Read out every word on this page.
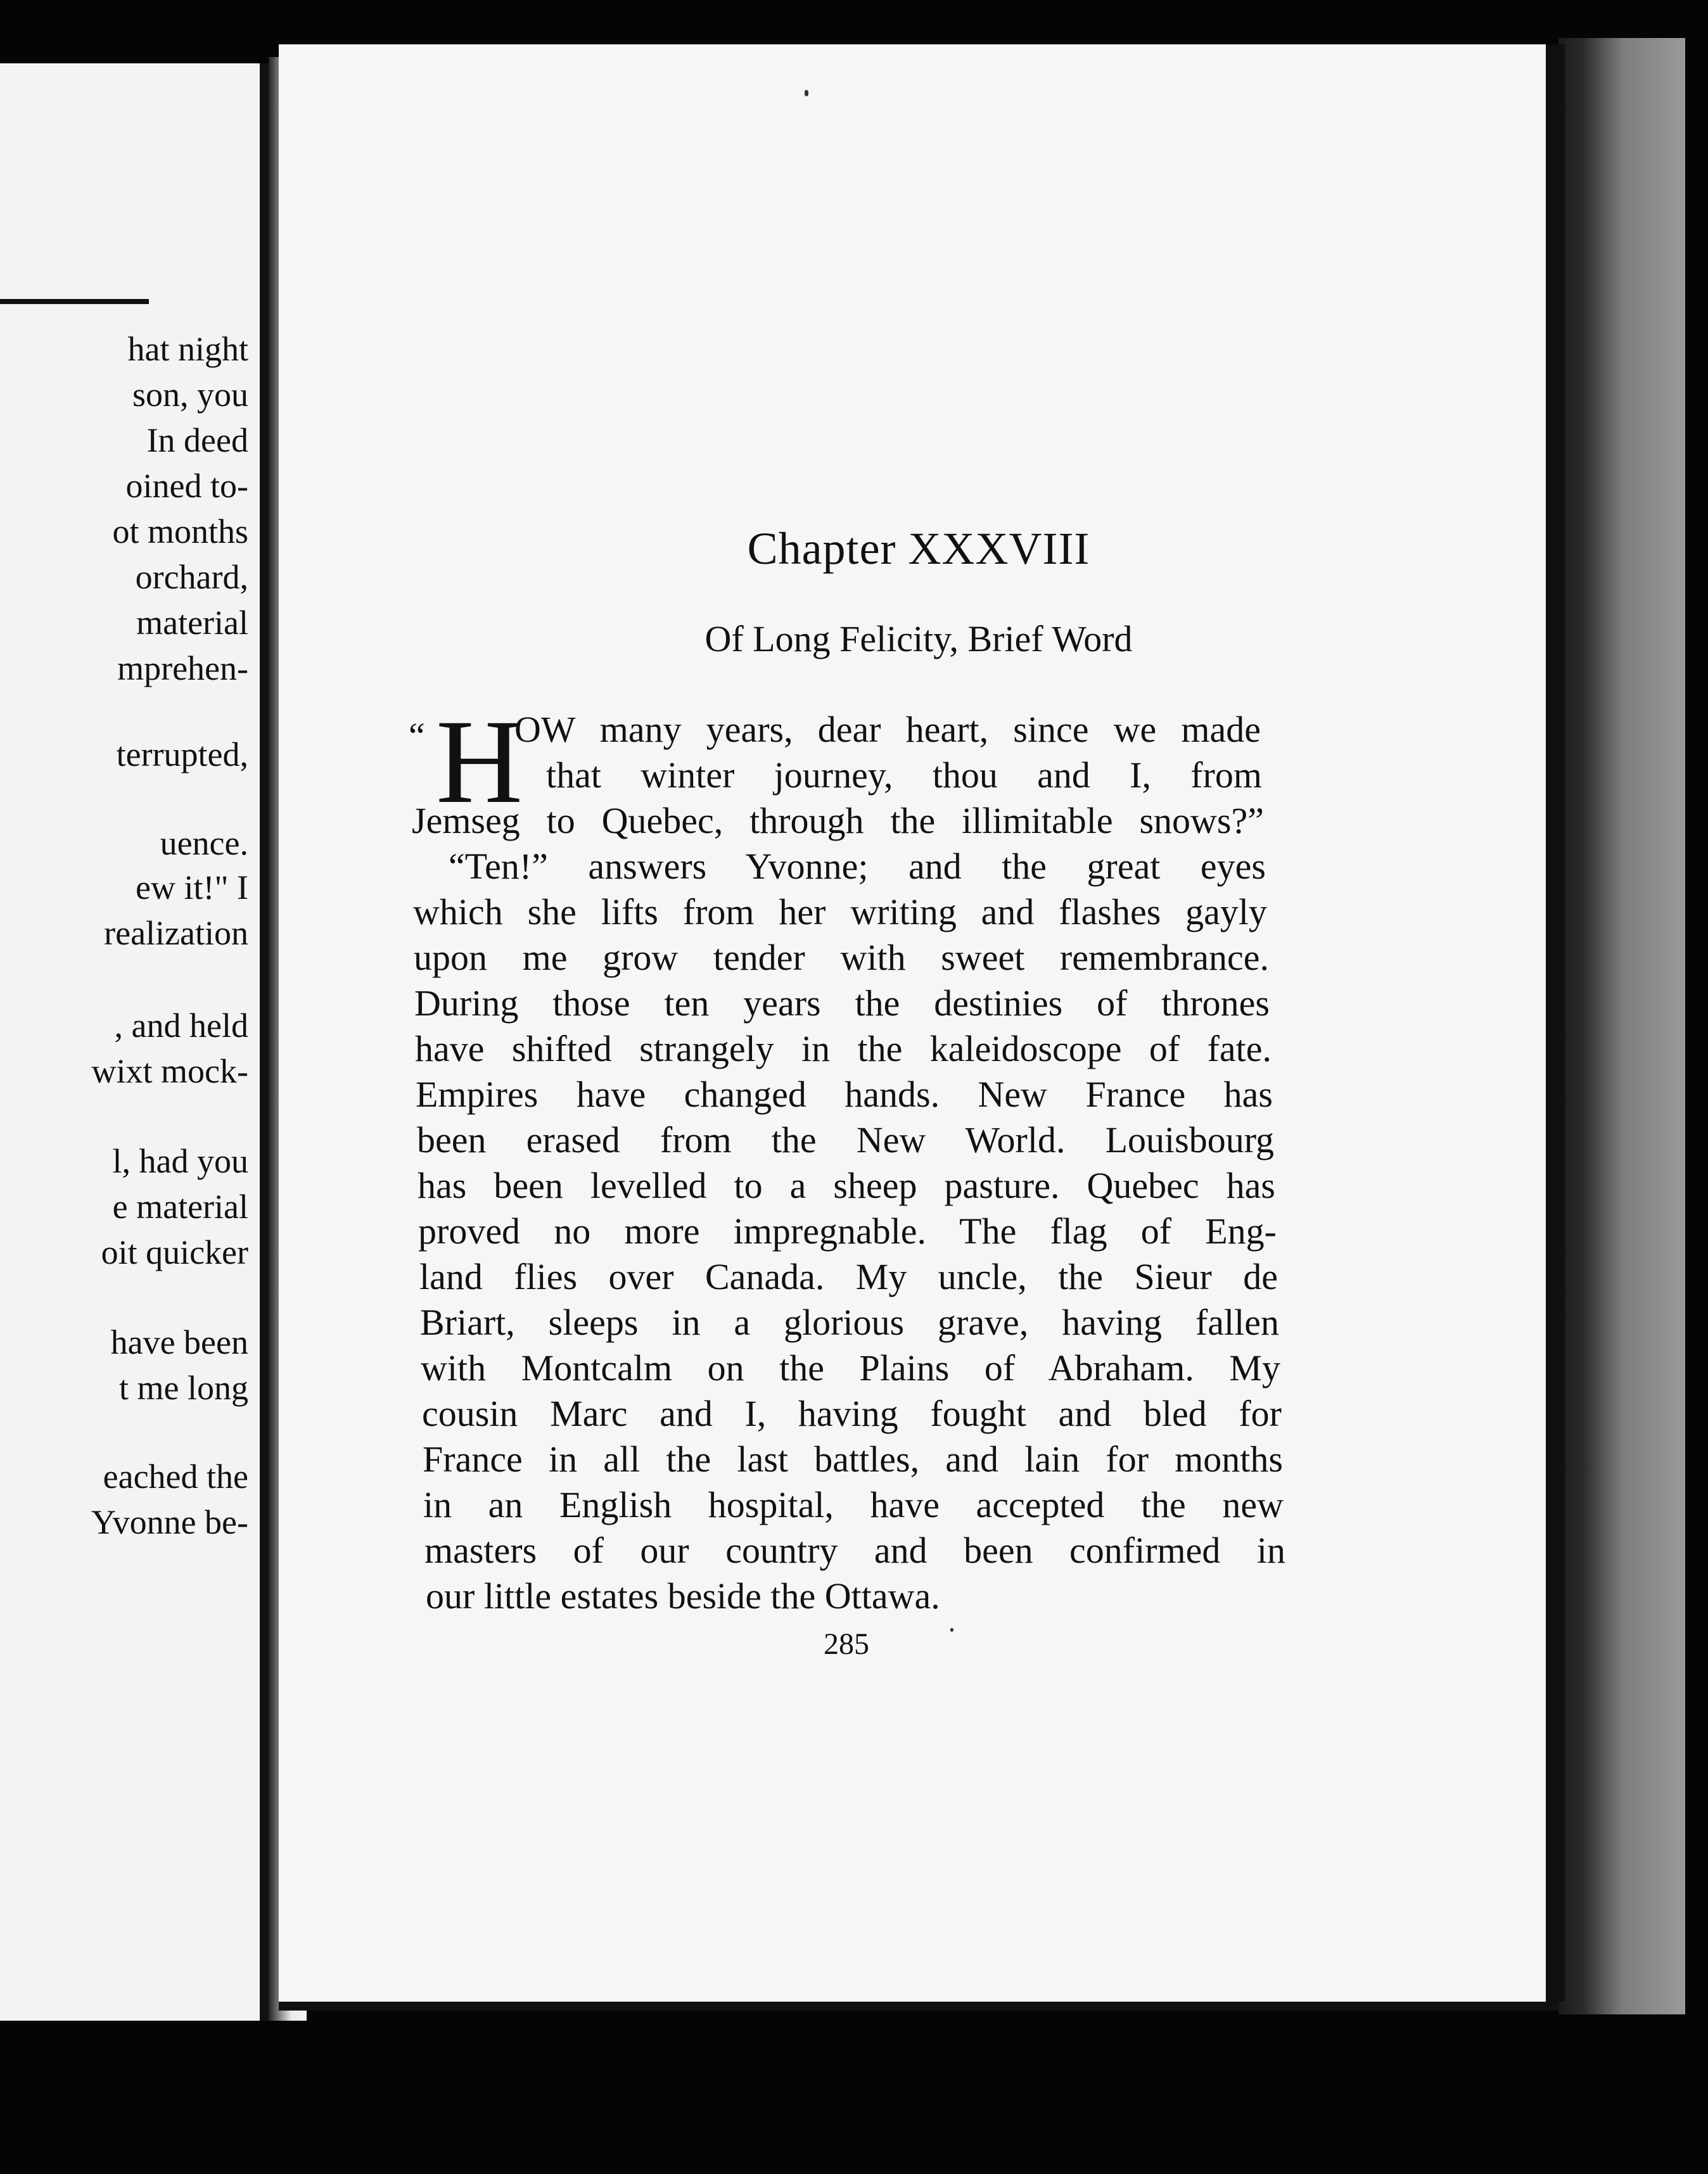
hat night
son, you
In deed
oined to-
ot months
orchard,
material
mprehen-
terrupted,
uence.
ew it!" I
realization
, and held
wixt mock-
l, had you
e material
oit quicker
have been
t me long
eached the
Yvonne be-
Chapter XXXVIII
Of Long Felicity, Brief Word
“ H
OW many years, dear heart, since we made
that winter journey, thou and I, from
Jemseg to Quebec, through the illimitable snows?”
“Ten!” answers Yvonne; and the great eyes
which she lifts from her writing and flashes gayly
upon me grow tender with sweet remembrance.
During those ten years the destinies of thrones
have shifted strangely in the kaleidoscope of fate.
Empires have changed hands. New France has
been erased from the New World. Louisbourg
has been levelled to a sheep pasture. Quebec has
proved no more impregnable. The flag of Eng-
land flies over Canada. My uncle, the Sieur de
Briart, sleeps in a glorious grave, having fallen
with Montcalm on the Plains of Abraham. My
cousin Marc and I, having fought and bled for
France in all the last battles, and lain for months
in an English hospital, have accepted the new
masters of our country and been confirmed in
our little estates beside the Ottawa.
285
